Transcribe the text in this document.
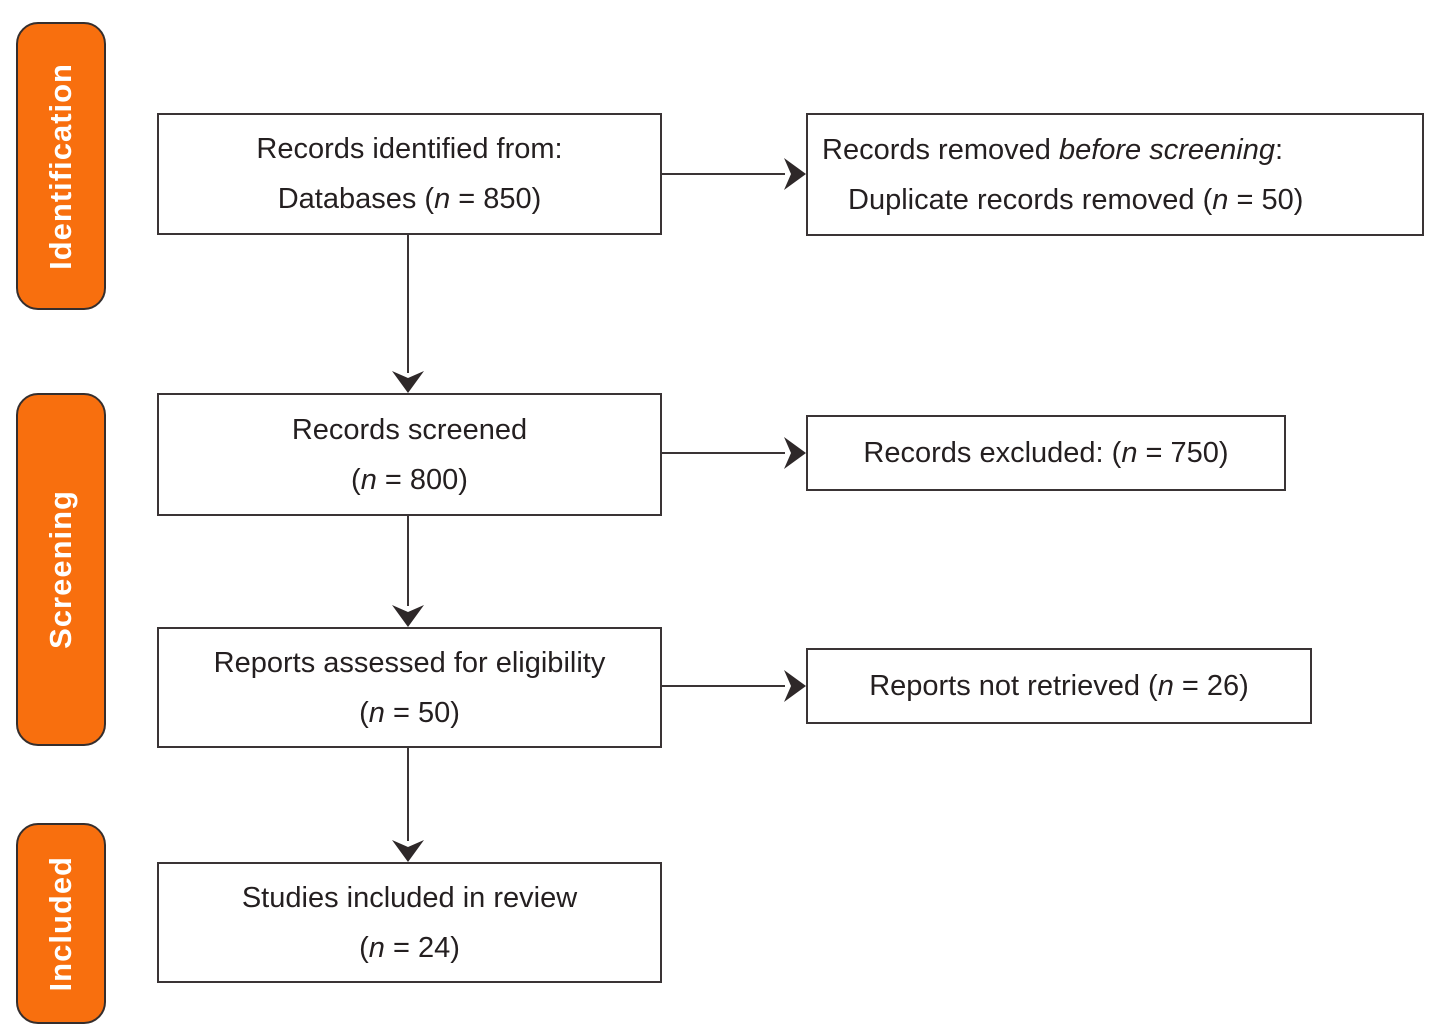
Identification
Screening
Included
Records identified from:
Databases (n = 850)
Records screened
(n = 800)
Reports assessed for eligibility
(n = 50)
Studies included in review
(n = 24)
Records removed before screening:
Duplicate records removed (n = 50)
Records excluded: (n = 750)
Reports not retrieved (n = 26)
